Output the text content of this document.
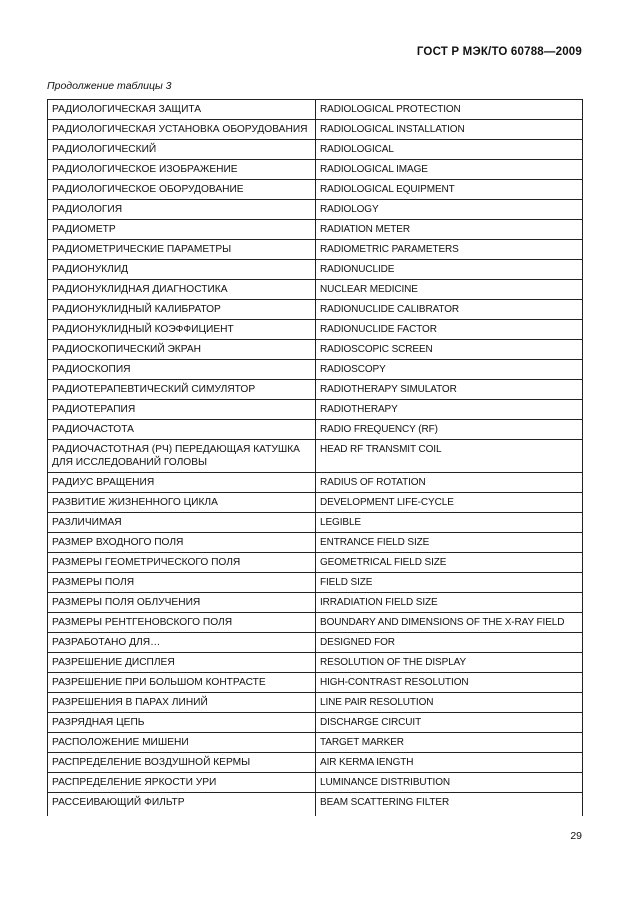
ГОСТ Р МЭК/ТО 60788—2009
Продолжение таблицы 3
РАДИОЛОГИЧЕСКАЯ ЗАЩИТА	RADIOLOGICAL PROTECTION
РАДИОЛОГИЧЕСКАЯ УСТАНОВКА ОБОРУДОВАНИЯ	RADIOLOGICAL INSTALLATION
РАДИОЛОГИЧЕСКИЙ	RADIOLOGICAL
РАДИОЛОГИЧЕСКОЕ ИЗОБРАЖЕНИЕ	RADIOLOGICAL IMAGE
РАДИОЛОГИЧЕСКОЕ ОБОРУДОВАНИЕ	RADIOLOGICAL EQUIPMENT
РАДИОЛОГИЯ	RADIOLOGY
РАДИОМЕТР	RADIATION METER
РАДИОМЕТРИЧЕСКИЕ ПАРАМЕТРЫ	RADIOMETRIC PARAMETERS
РАДИОНУКЛИД	RADIONUCLIDE
РАДИОНУКЛИДНАЯ ДИАГНОСТИКА	NUCLEAR MEDICINE
РАДИОНУКЛИДНЫЙ КАЛИБРАТОР	RADIONUCLIDE CALIBRATOR
РАДИОНУКЛИДНЫЙ КОЭФФИЦИЕНТ	RADIONUCLIDE FACTOR
РАДИОСКОПИЧЕСКИЙ ЭКРАН	RADIOSCOPIC SCREEN
РАДИОСКОПИЯ	RADIOSCOPY
РАДИОТЕРАПЕВТИЧЕСКИЙ СИМУЛЯТОР	RADIOTHERAPY SIMULATOR
РАДИОТЕРАПИЯ	RADIOTHERAPY
РАДИОЧАСТОТА	RADIO FREQUENCY (RF)
РАДИОЧАСТОТНАЯ (РЧ) ПЕРЕДАЮЩАЯ КАТУШКА ДЛЯ ИССЛЕДОВАНИЙ ГОЛОВЫ	HEAD RF TRANSMIT COIL
РАДИУС ВРАЩЕНИЯ	RADIUS OF ROTATION
РАЗВИТИЕ ЖИЗНЕННОГО ЦИКЛА	DEVELOPMENT LIFE-CYCLE
РАЗЛИЧИМАЯ	LEGIBLE
РАЗМЕР ВХОДНОГО ПОЛЯ	ENTRANCE FIELD SIZE
РАЗМЕРЫ ГЕОМЕТРИЧЕСКОГО ПОЛЯ	GEOMETRICAL FIELD SIZE
РАЗМЕРЫ ПОЛЯ	FIELD SIZE
РАЗМЕРЫ ПОЛЯ ОБЛУЧЕНИЯ	IRRADIATION FIELD SIZE
РАЗМЕРЫ РЕНТГЕНОВСКОГО ПОЛЯ	BOUNDARY AND DIMENSIONS OF THE X-RAY FIELD
РАЗРАБОТАНО ДЛЯ…	DESIGNED FOR
РАЗРЕШЕНИЕ ДИСПЛЕЯ	RESOLUTION OF THE DISPLAY
РАЗРЕШЕНИЕ ПРИ БОЛЬШОМ КОНТРАСТЕ	HIGH-CONTRAST RESOLUTION
РАЗРЕШЕНИЯ В ПАРАХ ЛИНИЙ	LINE PAIR RESOLUTION
РАЗРЯДНАЯ ЦЕПЬ	DISCHARGE CIRCUIT
РАСПОЛОЖЕНИЕ МИШЕНИ	TARGET MARKER
РАСПРЕДЕЛЕНИЕ ВОЗДУШНОЙ КЕРМЫ	AIR KERMA IENGTH
РАСПРЕДЕЛЕНИЕ ЯРКОСТИ УРИ	LUMINANCE DISTRIBUTION
РАССЕИВАЮЩИЙ ФИЛЬТР	BEAM SCATTERING FILTER
29
